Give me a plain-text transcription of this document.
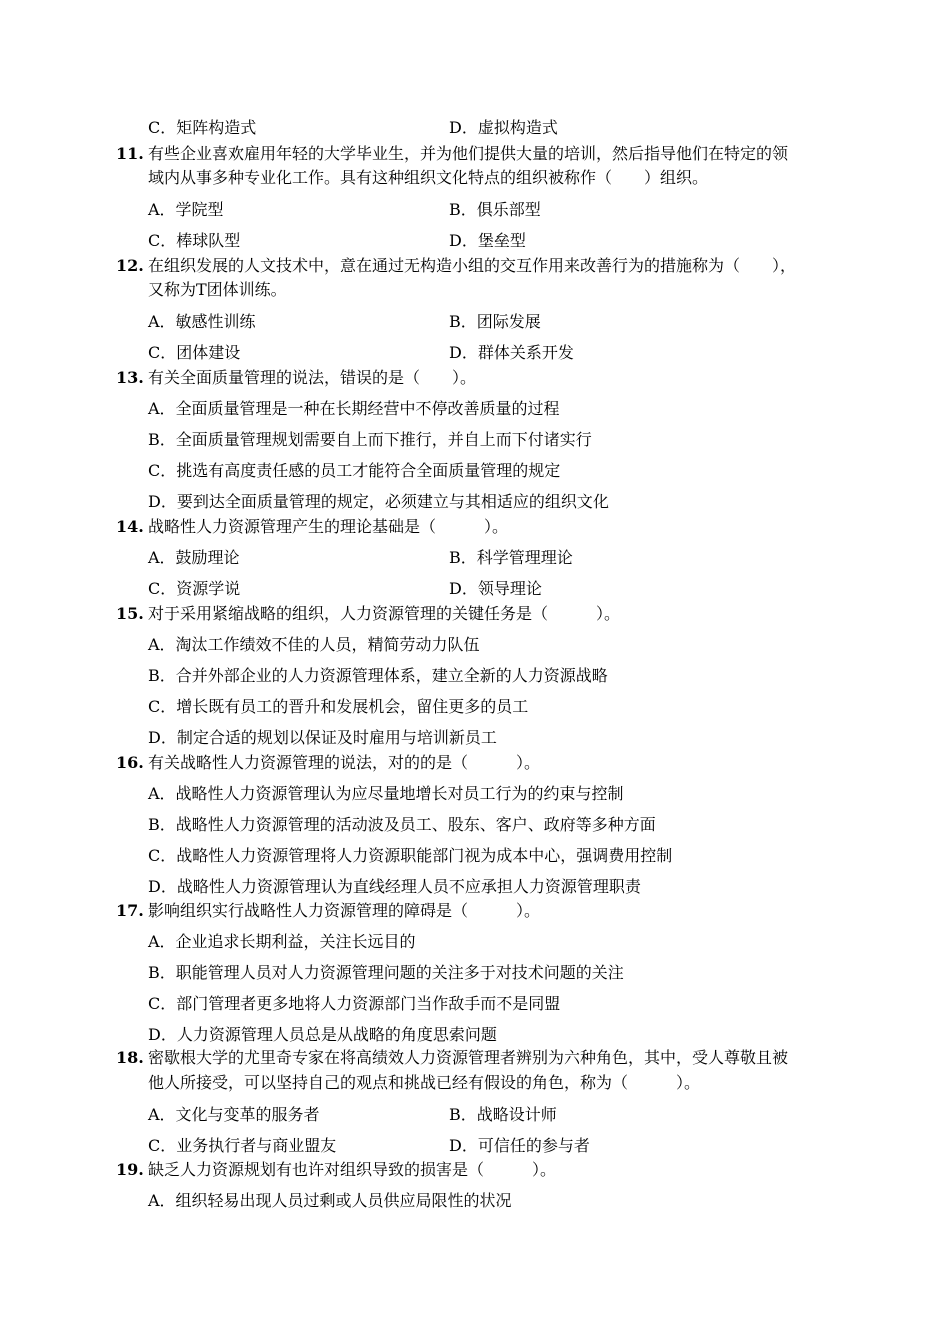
C．矩阵构造式	D．虚拟构造式
11. 有些企业喜欢雇用年轻的大学毕业生，并为他们提供大量的培训，然后指导他们在特定的领
域内从事多种专业化工作。具有这种组织文化特点的组织被称作（　　）组织。
A．学院型	B．俱乐部型
C．棒球队型	D．堡垒型
12. 在组织发展的人文技术中，意在通过无构造小组的交互作用来改善行为的措施称为（　　），
又称为T团体训练。
A．敏感性训练	B．团际发展
C．团体建设	D．群体关系开发
13. 有关全面质量管理的说法，错误的是（　　）。
A．全面质量管理是一种在长期经营中不停改善质量的过程
B．全面质量管理规划需要自上而下推行，并自上而下付诸实行
C．挑选有高度责任感的员工才能符合全面质量管理的规定
D．要到达全面质量管理的规定，必须建立与其相适应的组织文化
14. 战略性人力资源管理产生的理论基础是（　　　）。
A．鼓励理论	B．科学管理理论
C．资源学说	D．领导理论
15. 对于采用紧缩战略的组织，人力资源管理的关键任务是（　　　）。
A．淘汰工作绩效不佳的人员，精简劳动力队伍
B．合并外部企业的人力资源管理体系，建立全新的人力资源战略
C．增长既有员工的晋升和发展机会，留住更多的员工
D．制定合适的规划以保证及时雇用与培训新员工
16. 有关战略性人力资源管理的说法，对的的是（　　　）。
A．战略性人力资源管理认为应尽量地增长对员工行为的约束与控制
B．战略性人力资源管理的活动波及员工、股东、客户、政府等多种方面
C．战略性人力资源管理将人力资源职能部门视为成本中心，强调费用控制
D．战略性人力资源管理认为直线经理人员不应承担人力资源管理职责
17. 影响组织实行战略性人力资源管理的障碍是（　　　）。
A．企业追求长期利益，关注长远目的
B．职能管理人员对人力资源管理问题的关注多于对技术问题的关注
C．部门管理者更多地将人力资源部门当作敌手而不是同盟
D．人力资源管理人员总是从战略的角度思索问题
18. 密歇根大学的尤里奇专家在将高绩效人力资源管理者辨别为六种角色，其中，受人尊敬且被
他人所接受，可以坚持自己的观点和挑战已经有假设的角色，称为（　　　）。
A．文化与变革的服务者	B．战略设计师
C．业务执行者与商业盟友	D．可信任的参与者
19. 缺乏人力资源规划有也许对组织导致的损害是（　　　）。
A．组织轻易出现人员过剩或人员供应局限性的状况
